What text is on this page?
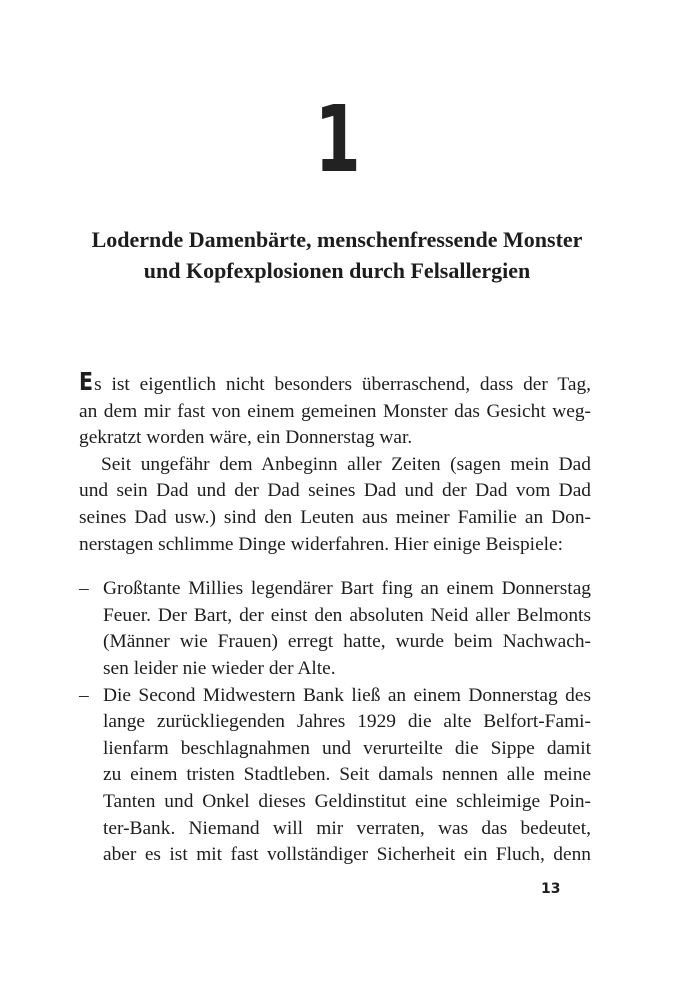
1
Lodernde Damenbärte, menschenfressende Monster
und Kopfexplosionen durch Felsallergien
Es ist eigentlich nicht besonders überraschend, dass der Tag,
an dem mir fast von einem gemeinen Monster das Gesicht weg-
gekratzt worden wäre, ein Donnerstag war.
Seit ungefähr dem Anbeginn aller Zeiten (sagen mein Dad
und sein Dad und der Dad seines Dad und der Dad vom Dad
seines Dad usw.) sind den Leuten aus meiner Familie an Don-
nerstagen schlimme Dinge widerfahren. Hier einige Beispiele:
– Großtante Millies legendärer Bart fing an einem Donnerstag
Feuer. Der Bart, der einst den absoluten Neid aller Belmonts
(Männer wie Frauen) erregt hatte, wurde beim Nachwach-
sen leider nie wieder der Alte.
– Die Second Midwestern Bank ließ an einem Donnerstag des
lange zurückliegenden Jahres 1929 die alte Belfort-Fami-
lienfarm beschlagnahmen und verurteilte die Sippe damit
zu einem tristen Stadtleben. Seit damals nennen alle meine
Tanten und Onkel dieses Geldinstitut eine schleimige Poin-
ter-Bank. Niemand will mir verraten, was das bedeutet,
aber es ist mit fast vollständiger Sicherheit ein Fluch, denn
13
